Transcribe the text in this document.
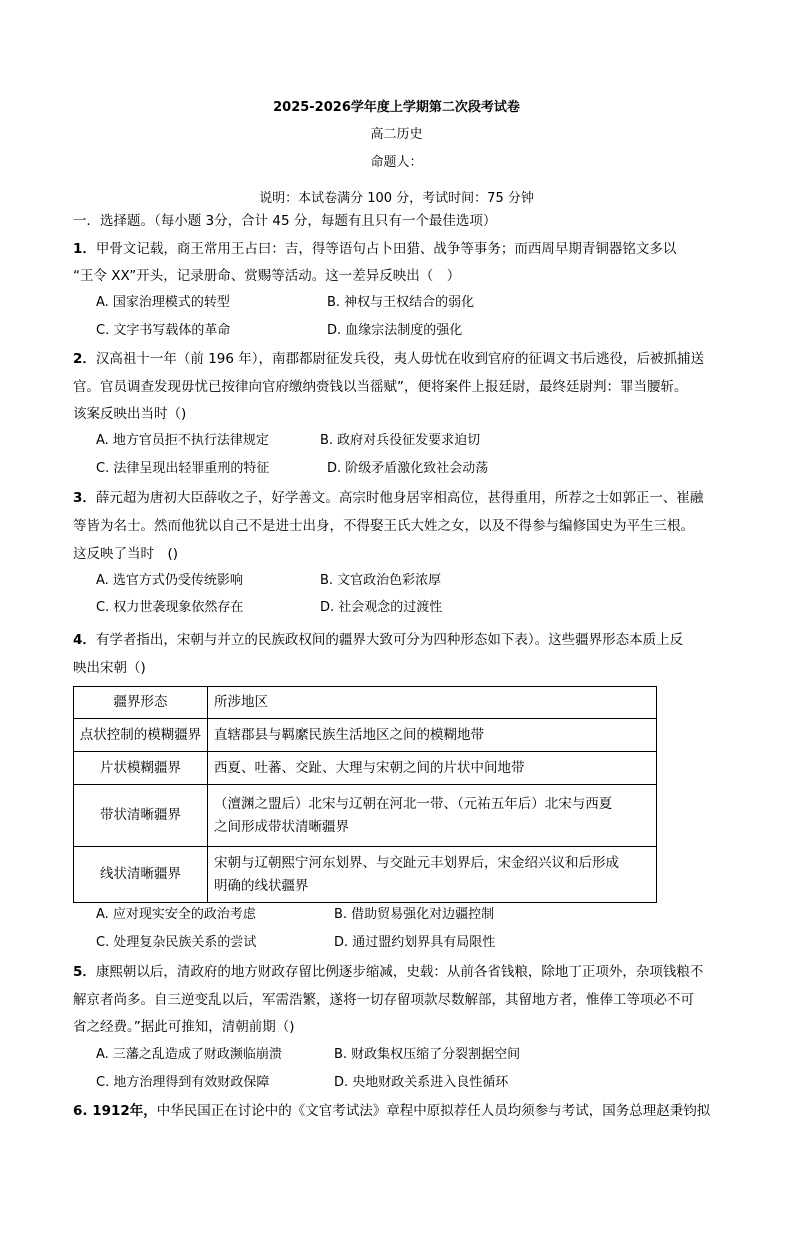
2025-2026学年度上学期第二次段考试卷
高二历史
命题人：
说明：本试卷满分 100 分，考试时间：75 分钟
一．选择题。（每小题 3分，合计 45 分，每题有且只有一个最佳选项）
1．甲骨文记载，商王常用王占曰：吉，得等语句占卜田猎、战争等事务；而西周早期青铜器铭文多以
“王令 XX”开头，记录册命、赏赐等活动。这一差异反映出（　）
A. 国家治理模式的转型	B. 神权与王权结合的弱化
C. 文字书写载体的革命	D. 血缘宗法制度的强化
2．汉高祖十一年（前 196 年），南郡都尉征发兵役，夷人毋忧在收到官府的征调文书后逃役，后被抓捕送
官。官员调查发现毋忧已按律向官府缴纳赍钱以当徭赋”，便将案件上报廷尉，最终廷尉判：罪当腰斩。
该案反映出当时（)
A. 地方官员拒不执行法律规定	B. 政府对兵役征发要求迫切
C. 法律呈现出轻罪重刑的特征	D. 阶级矛盾激化致社会动荡
3．薛元超为唐初大臣薛收之子，好学善文。高宗时他身居宰相高位，甚得重用，所荐之士如郭正一、崔融
等皆为名士。然而他犹以自己不是进士出身，不得娶王氏大姓之女，以及不得参与编修国史为平生三根。
这反映了当时　()
A. 选官方式仍受传统影响	B. 文官政治色彩浓厚
C. 权力世袭现象依然存在	D. 社会观念的过渡性
4．有学者指出，宋朝与并立的民族政权间的疆界大致可分为四种形态如下表）。这些疆界形态本质上反
映出宋朝（)
疆界形态	所涉地区
点状控制的模糊疆界	直辖郡县与羁縻民族生活地区之间的模糊地带

片状模糊疆界	西夏、吐蕃、交趾、大理与宋朝之间的片状中间地带

带状清晰疆界	（澶渊之盟后）北宋与辽朝在河北一带、（元祐五年后）北宋与西夏
之间形成带状清晰疆界

线状清晰疆界	宋朝与辽朝熙宁河东划界、与交趾元丰划界后，宋金绍兴议和后形成
明确的线状疆界
A. 应对现实安全的政治考虑	B. 借助贸易强化对边疆控制
C. 处理复杂民族关系的尝试	D. 通过盟约划界具有局限性
5．康熙朝以后，清政府的地方财政存留比例逐步缩减，史载：从前各省钱粮，除地丁正项外，杂项钱粮不
解京者尚多。自三逆变乱以后，军需浩繁，遂将一切存留项款尽数解部，其留地方者，惟俸工等项必不可
省之经费。”据此可推知，清朝前期（)
A. 三藩之乱造成了财政濒临崩溃	B. 财政集权压缩了分裂割据空间
C. 地方治理得到有效财政保障	D. 央地财政关系进入良性循环
6. 1912年，中华民国正在讨论中的《文官考试法》章程中原拟荐任人员均须参与考试，国务总理赵秉钧拟
